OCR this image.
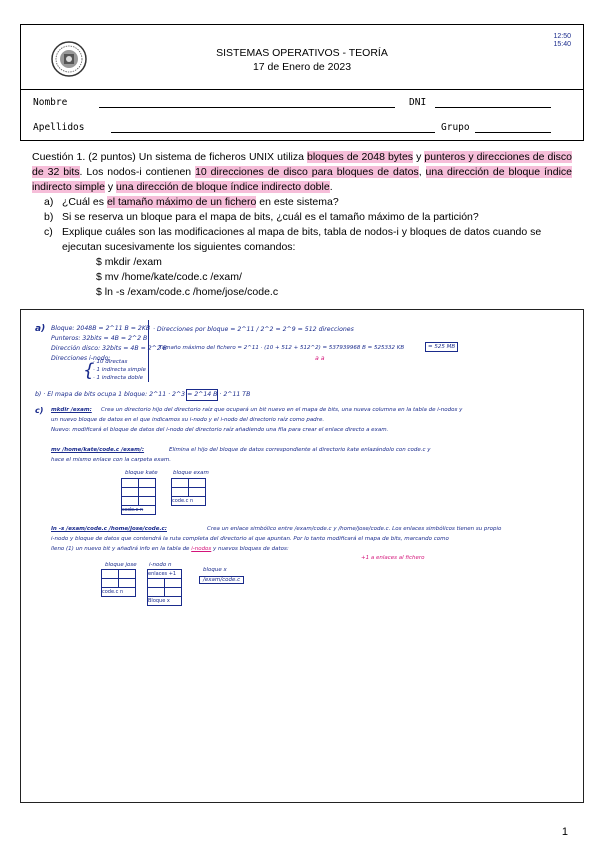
SISTEMAS OPERATIVOS - TEORÍA
17 de Enero de 2023
12:50
15:40
Nombre	DNI
Apellidos	Grupo

Cuestión 1. (2 puntos) Un sistema de ficheros UNIX utiliza bloques de 2048 bytes y punteros y direcciones de disco de 32 bits. Los nodos-i contienen 10 direcciones de disco para bloques de datos, una dirección de bloque índice indirecto simple y una dirección de bloque índice indirecto doble.

a) ¿Cuál es el tamaño máximo de un fichero en este sistema?
b) Si se reserva un bloque para el mapa de bits, ¿cuál es el tamaño máximo de la partición?
c) Explique cuáles son las modificaciones al mapa de bits, tabla de nodos-i y bloques de datos cuando se ejecutan sucesivamente los siguientes comandos:
$ mkdir /exam
$ mv /home/kate/code.c /exam/
$ ln -s /exam/code.c /home/jose/code.c
a) Bloque: 2048B = 2^11 B = 2KB
Punteros: 32bits = 4B = 2^2 B
Dirección disco: 32bits = 4B = 2^2 B
Direcciones i-nodo:
{
· 10 directas
· 1 indirecta simple
· 1 indirecta doble
· Direcciones por bloque = 2^11 / 2^2 = 2^9 = 512 direcciones
Tamaño máximo del fichero = 2^11 · (10 + 512 + 512^2) = 537939968 B = 525332 KB	= 525 MB
a a
b) · El mapa de bits ocupa 1 bloque: 2^11 · 2^3 = 2^14 B · 2^11 TB
c) mkdir /exam: Crea un directorio hijo del directorio raíz que ocupará un bit nuevo en el mapa de bits, una nueva columna en la tabla de i-nodos y
un nuevo bloque de datos en el que indicamos su i-nodo y el i-nodo del directorio raíz como padre.
Nuevo: modificará el bloque de datos del i-nodo del directorio raíz añadiendo una fila para crear el enlace directo a exam.
mv /home/kate/code.c /exam/:	Elimina el hijo del bloque de datos correspondiente al directorio kate enlazándolo con code.c y
hace el mismo enlace con la carpeta exam.
bloque kate	bloque exam

code.c n	

code.c n	
ln -s /exam/code.c /home/jose/code.c:	Crea un enlace simbólico entre /exam/code.c y /home/jose/code.c. Los enlaces simbólicos tienen su propio
i-nodo y bloque de datos que contendrá la ruta completa del directorio al que apuntan. Por lo tanto modificará el mapa de bits, marcando como
lleno (1) un nuevo bit y añadirá info en la tabla de i-nodos y nuevos bloques de datos:
+1 a enlaces al fichero
bloque jose i-nodo n
bloque x

code.c n	
enlaces +1	

Bloque x	
/exam/code.c
1
